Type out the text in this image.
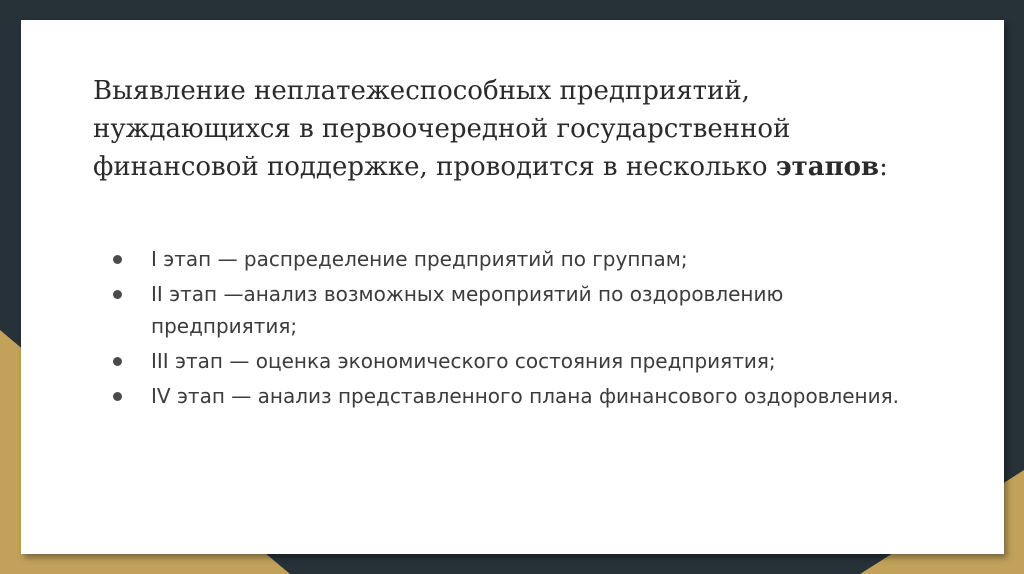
Выявление неплатежеспособных предприятий, нуждающихся в первоочередной государственной финансовой поддержке, проводится в несколько этапов:
I этап — распределение предприятий по группам;
II этап —анализ возможных мероприятий по оздоровлению предприятия;
III этап — оценка экономического состояния предприятия;
IV этап — анализ представленного плана финансового оздоровления.
